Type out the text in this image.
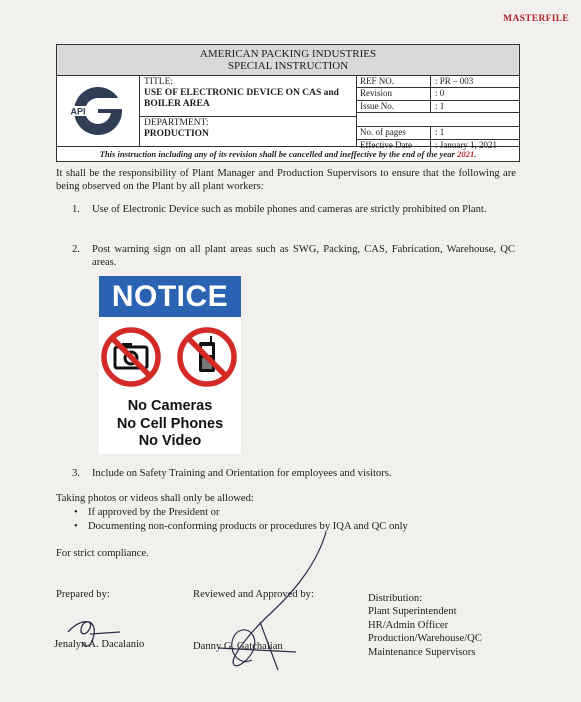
MASTERFILE
AMERICAN PACKING INDUSTRIES
SPECIAL INSTRUCTION
API
TITLE:
USE OF ELECTRONIC DEVICE ON CAS and BOILER AREA
DEPARTMENT:
PRODUCTION
REF NO.	: PR – 003
Revision	: 0
Issue No.	: 1
No. of pages	: 1
Effective Date	: January 1, 2021
This instruction including any of its revision shall be cancelled and ineffective by the end of the year 2021.
It shall be the responsibility of Plant Manager and Production Supervisors to ensure that the following are being observed on the Plant by all plant workers:
1.	Use of Electronic Device such as mobile phones and cameras are strictly prohibited on Plant.
2.	Post warning sign on all plant areas such as SWG, Packing, CAS, Fabrication, Warehouse, QC areas.
NOTICE
No Cameras
No Cell Phones
No Video
3.	Include on Safety Training and Orientation for employees and visitors.
Taking photos or videos shall only be allowed:
• If approved by the President or
• Documenting non-conforming products or procedures by IQA and QC only
For strict compliance.
Prepared by:	Reviewed and Approved by:	Distribution:
Plant Superintendent
HR/Admin Officer
Production/Warehouse/QC
Maintenance Supervisors
Jenalyn A. Dacalanio	Danny G. Gatchalian
